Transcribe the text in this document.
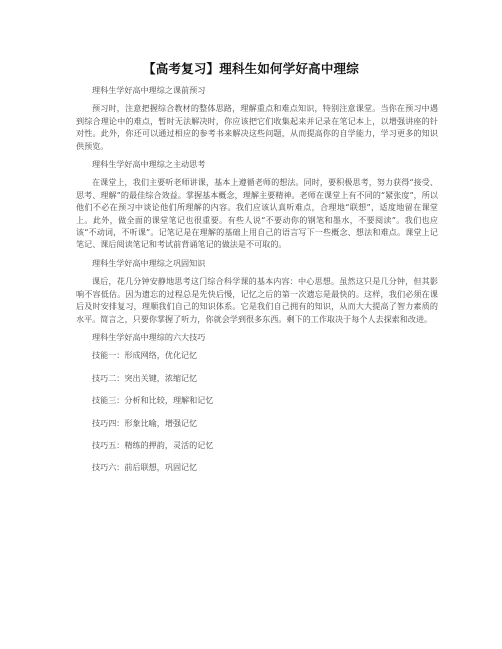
【高考复习】理科生如何学好高中理综
理科生学好高中理综之课前预习
预习时，注意把握综合教材的整体思路，理解重点和难点知识，特别注意课堂。当你在预习中遇到综合理论中的难点，暂时无法解决时，你应该把它们收集起来并记录在笔记本上，以增强讲座的针对性。此外，你还可以通过相应的参考书来解决这些问题，从而提高你的自学能力，学习更多的知识供预览。
理科生学好高中理综之主动思考
在课堂上，我们主要听老师讲课，基本上遵循老师的想法。同时，要积极思考，努力获得“接受、思考、理解”的最佳综合效益。掌握基本概念，理解主要精神。老师在课堂上有不同的“紧张度”，所以他们不必在预习中谈论他们所理解的内容。我们应该认真听难点，合理地“联想”，适度地留在课堂上。此外，做全面的课堂笔记也很重要。有些人说“不要动你的钢笔和墨水，不要阅读”。我们也应该“不动词，不听课”。记笔记是在理解的基础上用自己的语言写下一些概念、想法和难点。课堂上记笔记、课后阅读笔记和考试前背诵笔记的做法是不可取的。
理科生学好高中理综之巩固知识
课后，花几分钟安静地思考这门综合科学课的基本内容：中心思想。虽然这只是几分钟，但其影响不容低估。因为遗忘的过程总是先快后慢，记忆之后的第一次遗忘是最快的。这样，我们必须在课后及时安排复习，理顺我们自己的知识体系。它是我们自己拥有的知识，从而大大提高了智力素质的水平。简言之，只要你掌握了听力，你就会学到很多东西。剩下的工作取决于每个人去探索和改进。
理科生学好高中理综的六大技巧
技能一：形成网络，优化记忆
技巧二：突出关键，浓缩记忆
技能三：分析和比较，理解和记忆
技巧四：形象比喻，增强记忆
技巧五：精练的押韵，灵活的记忆
技巧六：前后联想，巩固记忆
